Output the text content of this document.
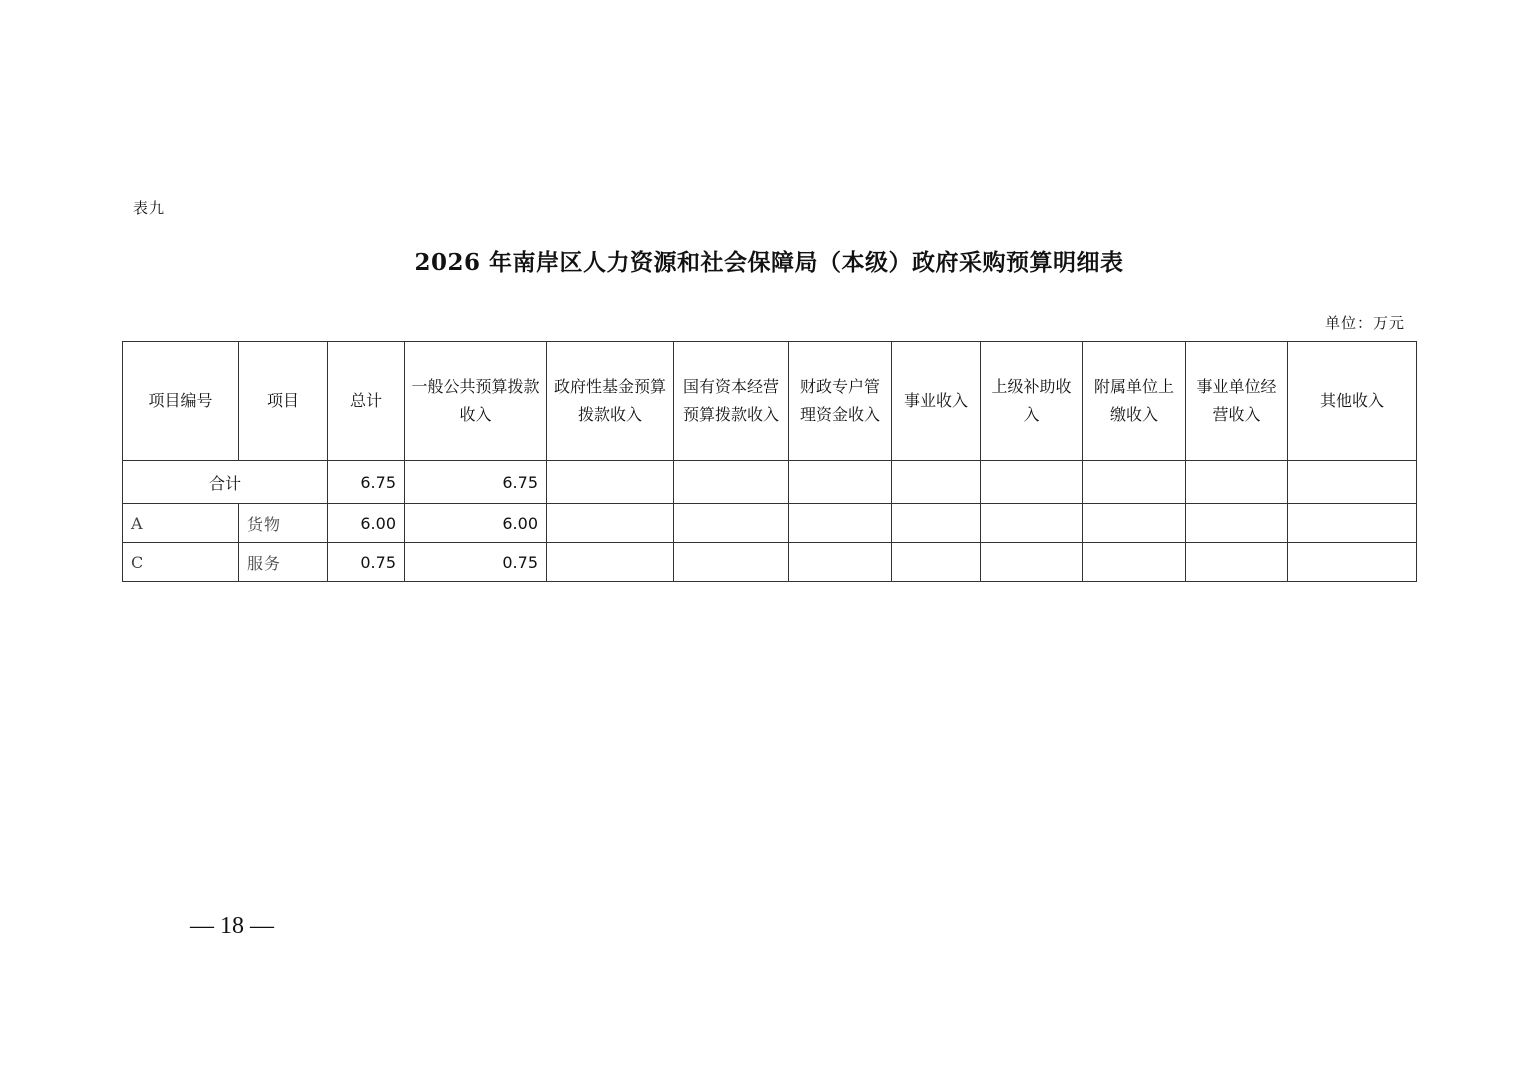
表九
2026 年南岸区人力资源和社会保障局（本级）政府采购预算明细表
单位：万元
项目编号	项目	总计	一般公共预算拨款收入	政府性基金预算拨款收入	国有资本经营预算拨款收入	财政专户管理资金收入	事业收入	上级补助收入	附属单位上缴收入	事业单位经营收入	其他收入
合计		6.75	6.75								
A	货物	6.00	6.00								
C	服务	0.75	0.75								
— 18 —
